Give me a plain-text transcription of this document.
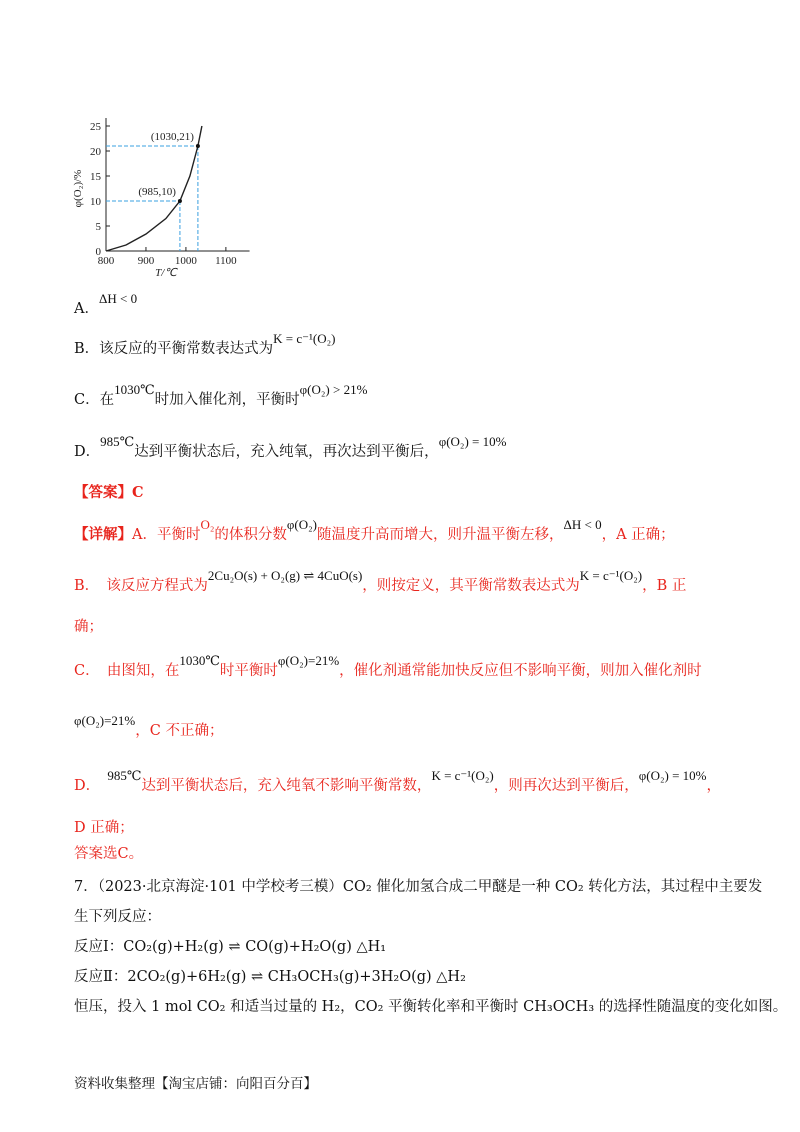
0
5
10
15
20
25
800 900 1000 1100
T/℃
φ(O₂)/%	(985,10)
(1030,21)
A．ΔH < 0
B．该反应的平衡常数表达式为K = c⁻¹(O₂)
C．在1030℃时加入催化剂，平衡时φ(O₂) > 21%
D．985℃达到平衡状态后，充入纯氧，再次达到平衡后，φ(O₂) = 10%
【答案】C
【详解】A．平衡时O₂的体积分数φ(O₂)随温度升高而增大，则升温平衡左移，ΔH < 0，A 正确；
B．　该反应方程式为2Cu₂O(s) + O₂(g) ⇌ 4CuO(s)，则按定义，其平衡常数表达式为K = c⁻¹(O₂)，B 正
确；
C．　由图知，在1030℃时平衡时φ(O₂)=21%，催化剂通常能加快反应但不影响平衡，则加入催化剂时
φ(O₂)=21%，C 不正确；
D．　985℃达到平衡状态后，充入纯氧不影响平衡常数，K = c⁻¹(O₂)，则再次达到平衡后，φ(O₂) = 10%，
D 正确；
答案选C。
7．（2023·北京海淀·101 中学校考三模）CO₂ 催化加氢合成二甲醚是一种 CO₂ 转化方法，其过程中主要发
生下列反应：
反应Ⅰ：CO₂(g)+H₂(g) ⇌ CO(g)+H₂O(g) △H₁
反应Ⅱ：2CO₂(g)+6H₂(g) ⇌ CH₃OCH₃(g)+3H₂O(g) △H₂
恒压，投入 1 mol CO₂ 和适当过量的 H₂，CO₂ 平衡转化率和平衡时 CH₃OCH₃ 的选择性随温度的变化如图。
资料收集整理【淘宝店铺：向阳百分百】
